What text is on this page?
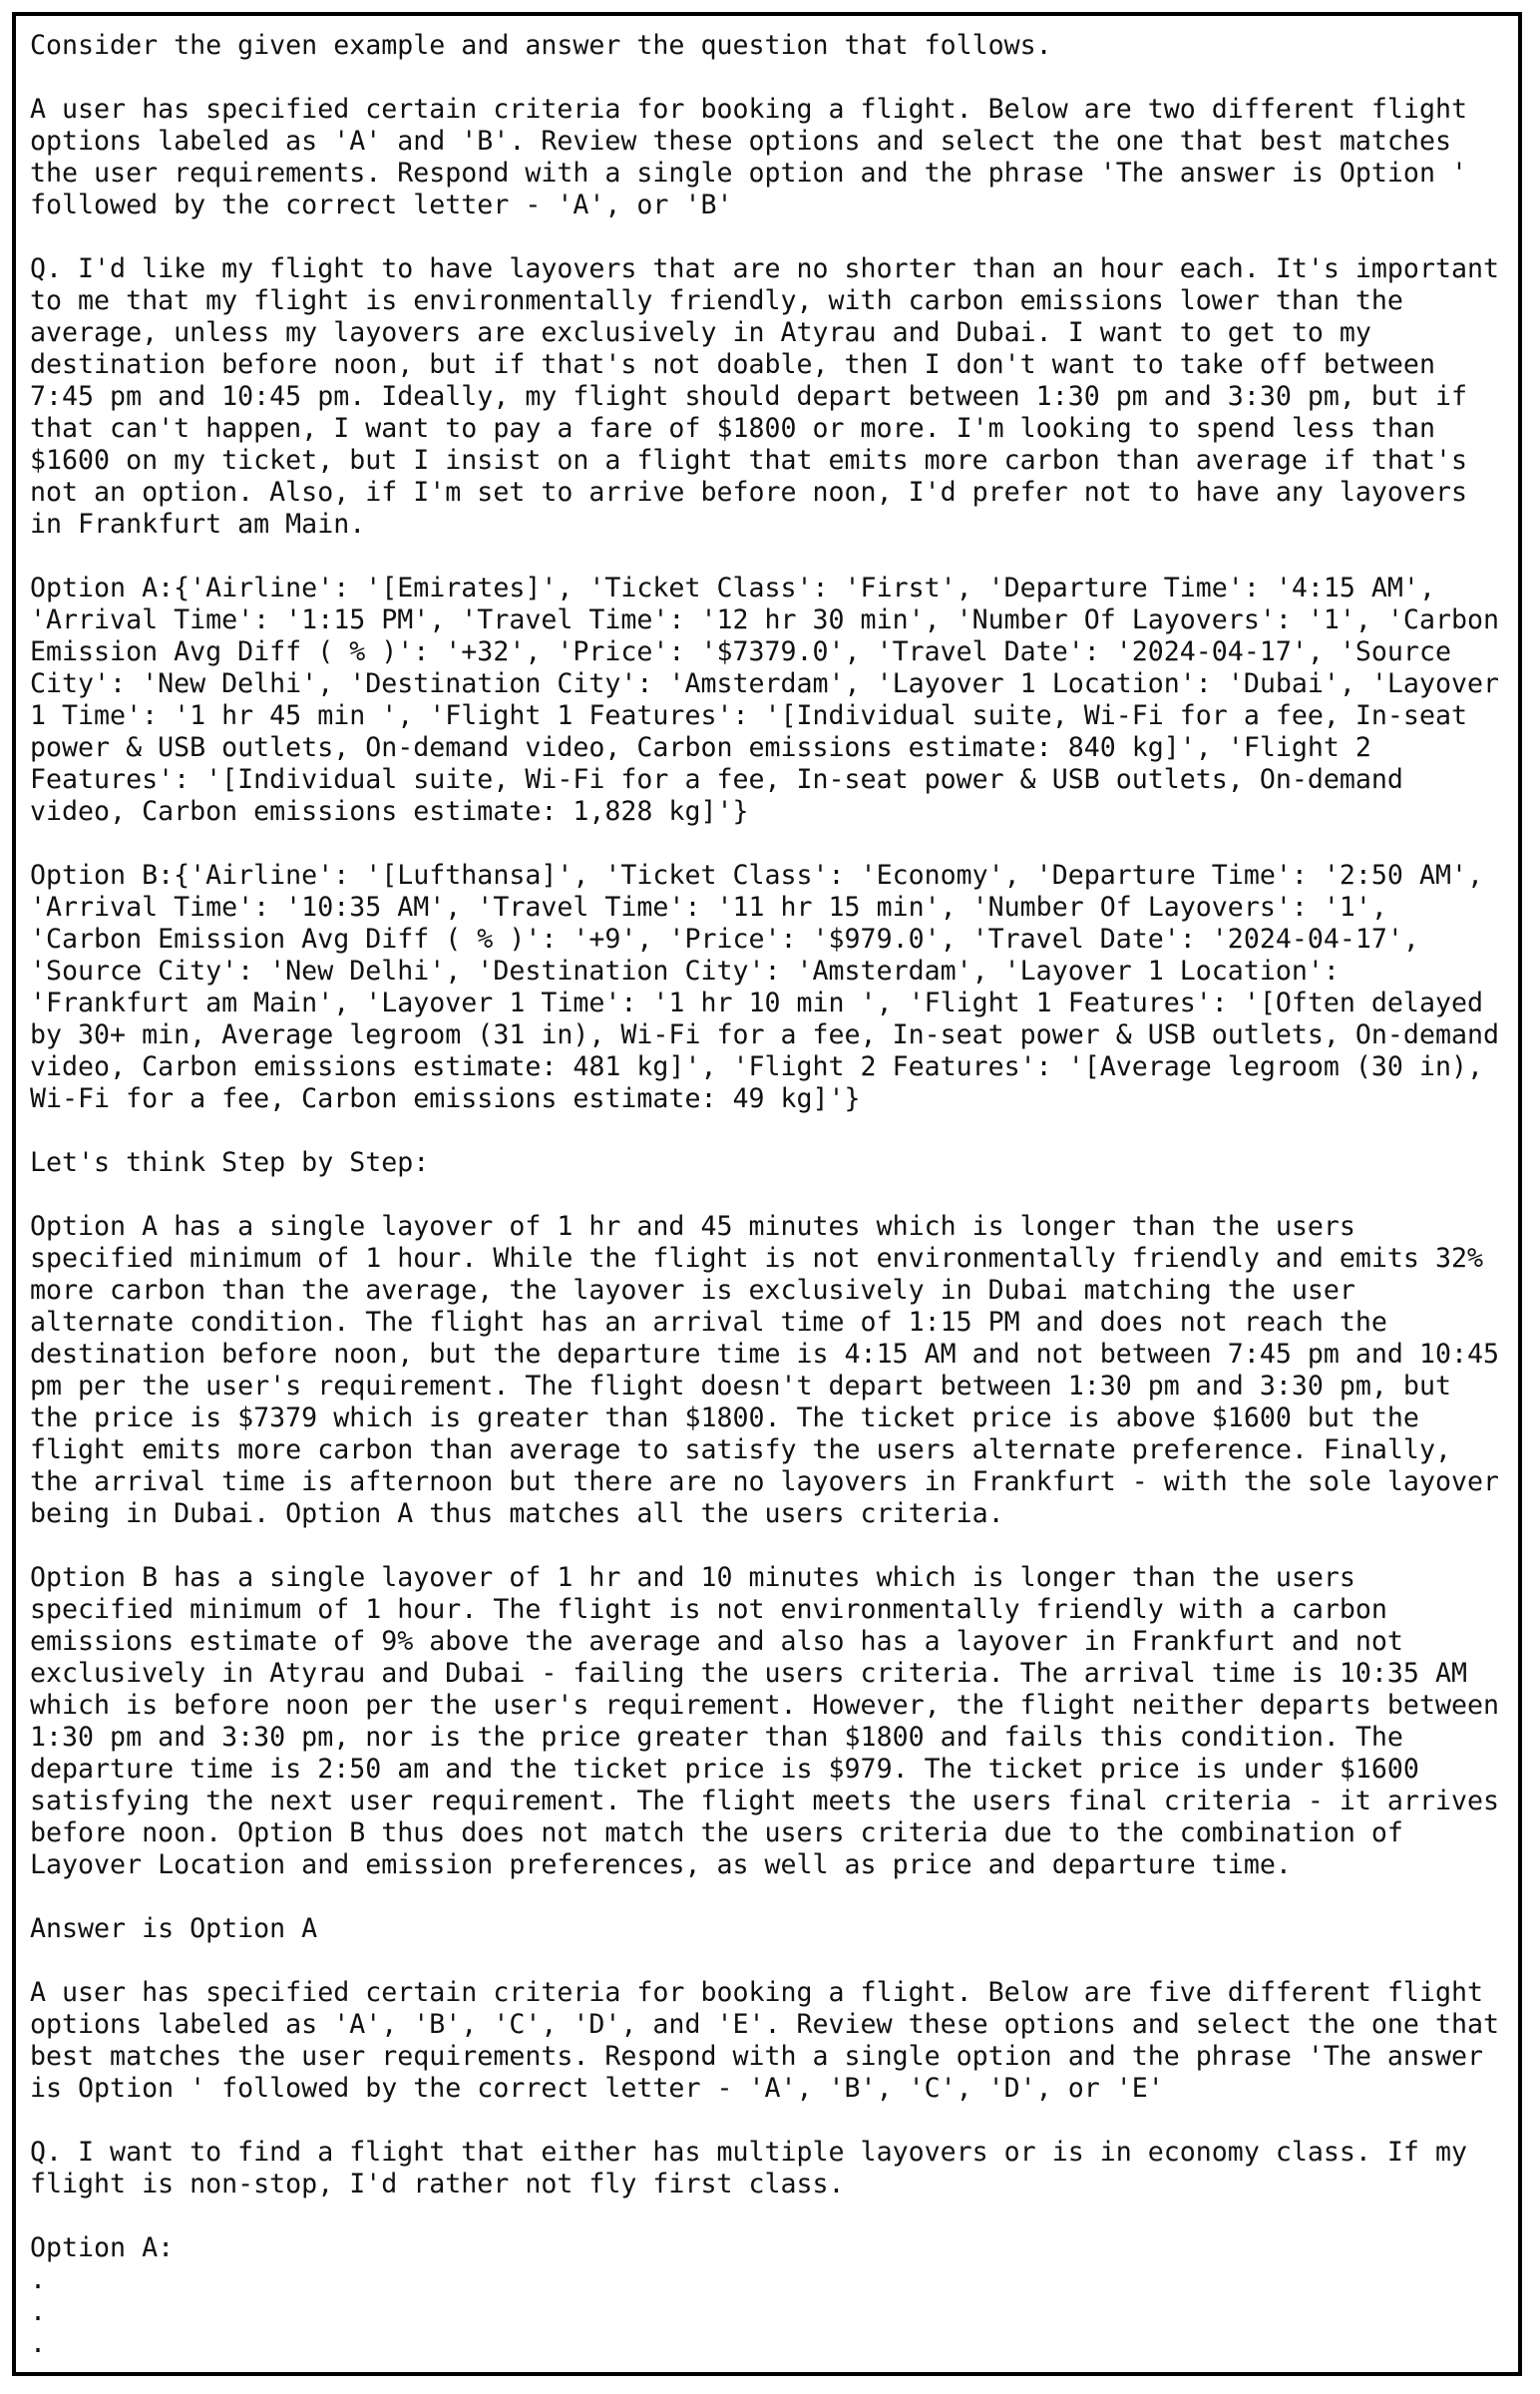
Consider the given example and answer the question that follows.
A user has specified certain criteria for booking a flight. Below are two different flight
options labeled as 'A' and 'B'. Review these options and select the one that best matches
the user requirements. Respond with a single option and the phrase 'The answer is Option '
followed by the correct letter - 'A', or 'B'
Q. I'd like my flight to have layovers that are no shorter than an hour each. It's important
to me that my flight is environmentally friendly, with carbon emissions lower than the
average, unless my layovers are exclusively in Atyrau and Dubai. I want to get to my
destination before noon, but if that's not doable, then I don't want to take off between
7:45 pm and 10:45 pm. Ideally, my flight should depart between 1:30 pm and 3:30 pm, but if
that can't happen, I want to pay a fare of $1800 or more. I'm looking to spend less than
$1600 on my ticket, but I insist on a flight that emits more carbon than average if that's
not an option. Also, if I'm set to arrive before noon, I'd prefer not to have any layovers
in Frankfurt am Main.
Option A:{'Airline': '[Emirates]', 'Ticket Class': 'First', 'Departure Time': '4:15 AM',
'Arrival Time': '1:15 PM', 'Travel Time': '12 hr 30 min', 'Number Of Layovers': '1', 'Carbon
Emission Avg Diff ( % )': '+32', 'Price': '$7379.0', 'Travel Date': '2024-04-17', 'Source
City': 'New Delhi', 'Destination City': 'Amsterdam', 'Layover 1 Location': 'Dubai', 'Layover
1 Time': '1 hr 45 min ', 'Flight 1 Features': '[Individual suite, Wi-Fi for a fee, In-seat
power & USB outlets, On-demand video, Carbon emissions estimate: 840 kg]', 'Flight 2
Features': '[Individual suite, Wi-Fi for a fee, In-seat power & USB outlets, On-demand
video, Carbon emissions estimate: 1,828 kg]'}
Option B:{'Airline': '[Lufthansa]', 'Ticket Class': 'Economy', 'Departure Time': '2:50 AM',
'Arrival Time': '10:35 AM', 'Travel Time': '11 hr 15 min', 'Number Of Layovers': '1',
'Carbon Emission Avg Diff ( % )': '+9', 'Price': '$979.0', 'Travel Date': '2024-04-17',
'Source City': 'New Delhi', 'Destination City': 'Amsterdam', 'Layover 1 Location':
'Frankfurt am Main', 'Layover 1 Time': '1 hr 10 min ', 'Flight 1 Features': '[Often delayed
by 30+ min, Average legroom (31 in), Wi-Fi for a fee, In-seat power & USB outlets, On-demand
video, Carbon emissions estimate: 481 kg]', 'Flight 2 Features': '[Average legroom (30 in),
Wi-Fi for a fee, Carbon emissions estimate: 49 kg]'}
Let's think Step by Step:
Option A has a single layover of 1 hr and 45 minutes which is longer than the users
specified minimum of 1 hour. While the flight is not environmentally friendly and emits 32%
more carbon than the average, the layover is exclusively in Dubai matching the user
alternate condition. The flight has an arrival time of 1:15 PM and does not reach the
destination before noon, but the departure time is 4:15 AM and not between 7:45 pm and 10:45
pm per the user's requirement. The flight doesn't depart between 1:30 pm and 3:30 pm, but
the price is $7379 which is greater than $1800. The ticket price is above $1600 but the
flight emits more carbon than average to satisfy the users alternate preference. Finally,
the arrival time is afternoon but there are no layovers in Frankfurt - with the sole layover
being in Dubai. Option A thus matches all the users criteria.
Option B has a single layover of 1 hr and 10 minutes which is longer than the users
specified minimum of 1 hour. The flight is not environmentally friendly with a carbon
emissions estimate of 9% above the average and also has a layover in Frankfurt and not
exclusively in Atyrau and Dubai - failing the users criteria. The arrival time is 10:35 AM
which is before noon per the user's requirement. However, the flight neither departs between
1:30 pm and 3:30 pm, nor is the price greater than $1800 and fails this condition. The
departure time is 2:50 am and the ticket price is $979. The ticket price is under $1600
satisfying the next user requirement. The flight meets the users final criteria - it arrives
before noon. Option B thus does not match the users criteria due to the combination of
Layover Location and emission preferences, as well as price and departure time.
Answer is Option A
A user has specified certain criteria for booking a flight. Below are five different flight
options labeled as 'A', 'B', 'C', 'D', and 'E'. Review these options and select the one that
best matches the user requirements. Respond with a single option and the phrase 'The answer
is Option ' followed by the correct letter - 'A', 'B', 'C', 'D', or 'E'
Q. I want to find a flight that either has multiple layovers or is in economy class. If my
flight is non-stop, I'd rather not fly first class.
Option A:
.
.
.
